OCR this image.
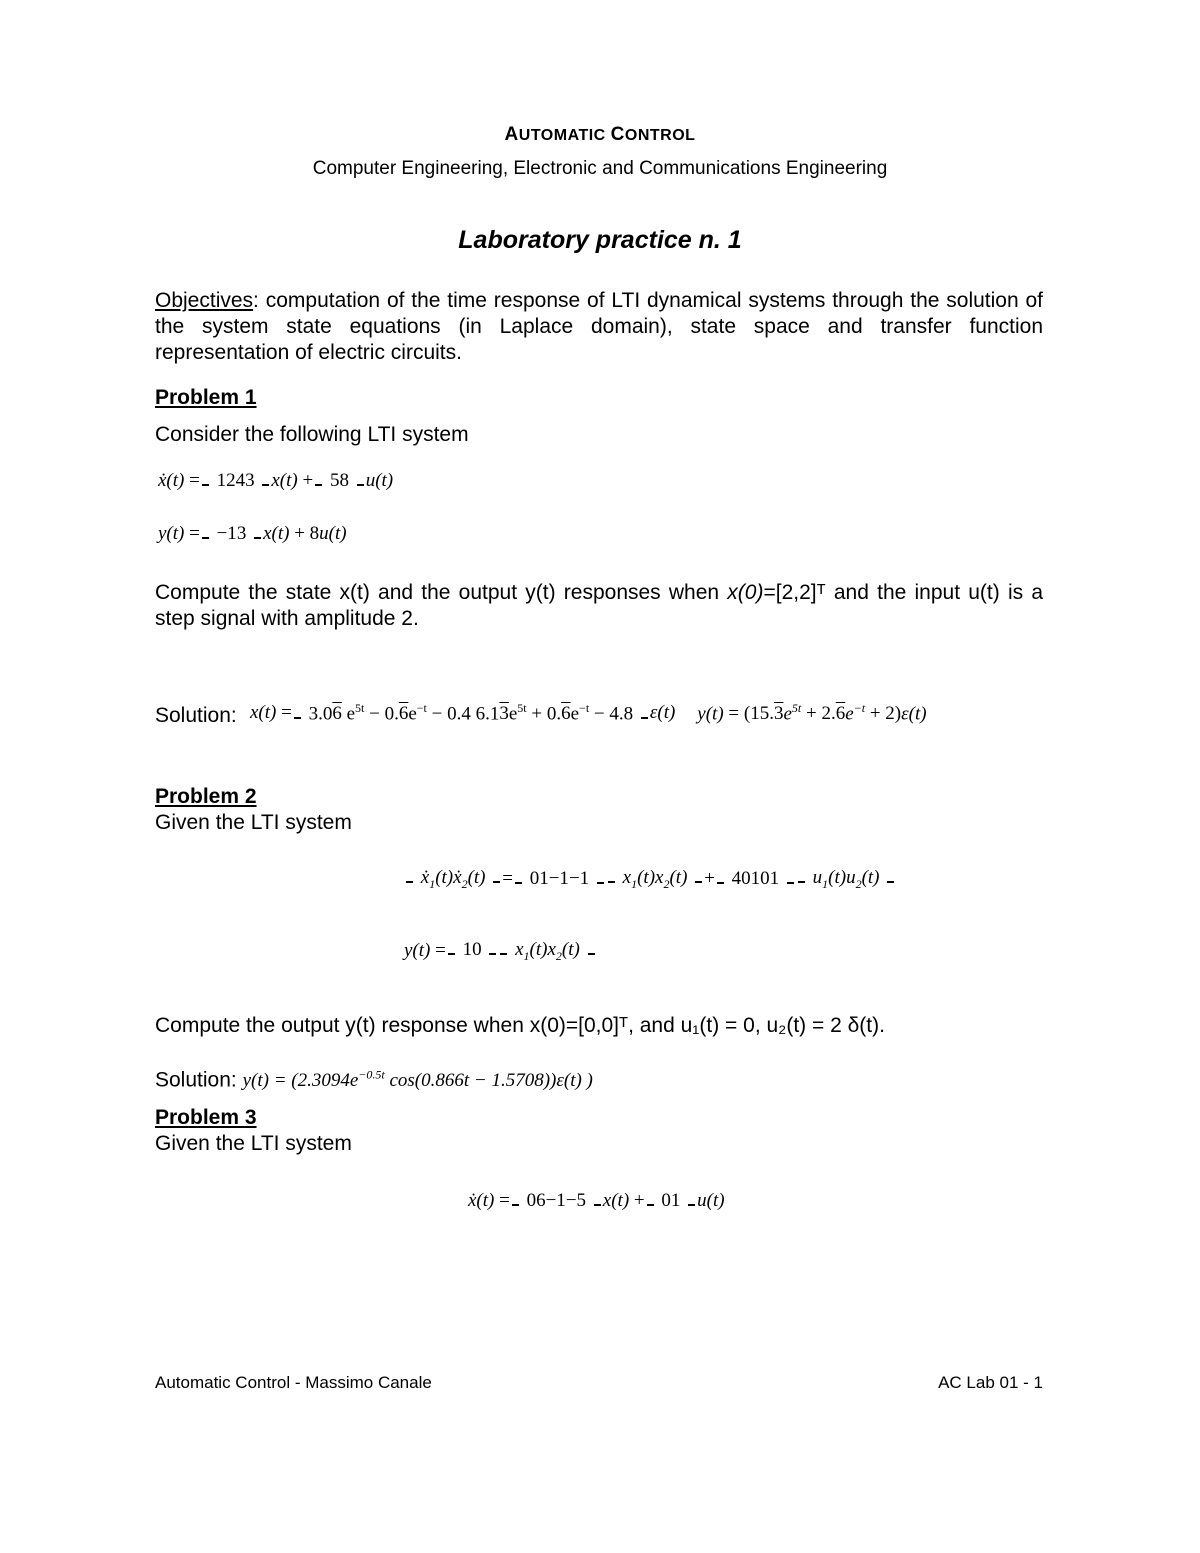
AUTOMATIC CONTROL
Computer Engineering, Electronic and Communications Engineering
Laboratory practice n. 1
Objectives: computation of the time response of LTI dynamical systems through the solution of the system state equations (in Laplace domain), state space and transfer function representation of electric circuits.
Problem 1
Consider the following LTI system
ẋ(t) = 1243 x(t) + 58 u(t)
y(t) = −13 x(t) + 8u(t)
Compute the state x(t) and the output y(t) responses when x(0)=[2,2]ᵀ and the input u(t) is a step signal with amplitude 2.
Solution: x(t) = 3.06 $e^{5t} - 0.6e^{-t} - 0.4$ $6.13e^{5t} + 0.6e^{-t} - 4.8$ ε(t) $y(t) = (15.3e^{5t} + 2.6e^{-t} + 2)\varepsilon(t)$
Problem 2
Given the LTI system
ẋ$_1$(t)ẋ$_2$(t) = 01−1−1	$x_1(t)x_2(t) + 40101$	$u_1(t)u_2(t)$
y(t) = 10	$x_1(t)x_2(t)$
Compute the output y(t) response when x(0)=[0,0]ᵀ, and u₁(t) = 0, u₂(t) = 2 δ(t).
Solution: $y(t) = (2.3094e^{-0.5t}$ cos(0.866t − 1.5708))ε(t) )
Problem 3
Given the LTI system
ẋ(t) = 06−1−5 x(t) + 01 u(t)
Automatic Control - Massimo Canale	AC Lab 01 - 1
